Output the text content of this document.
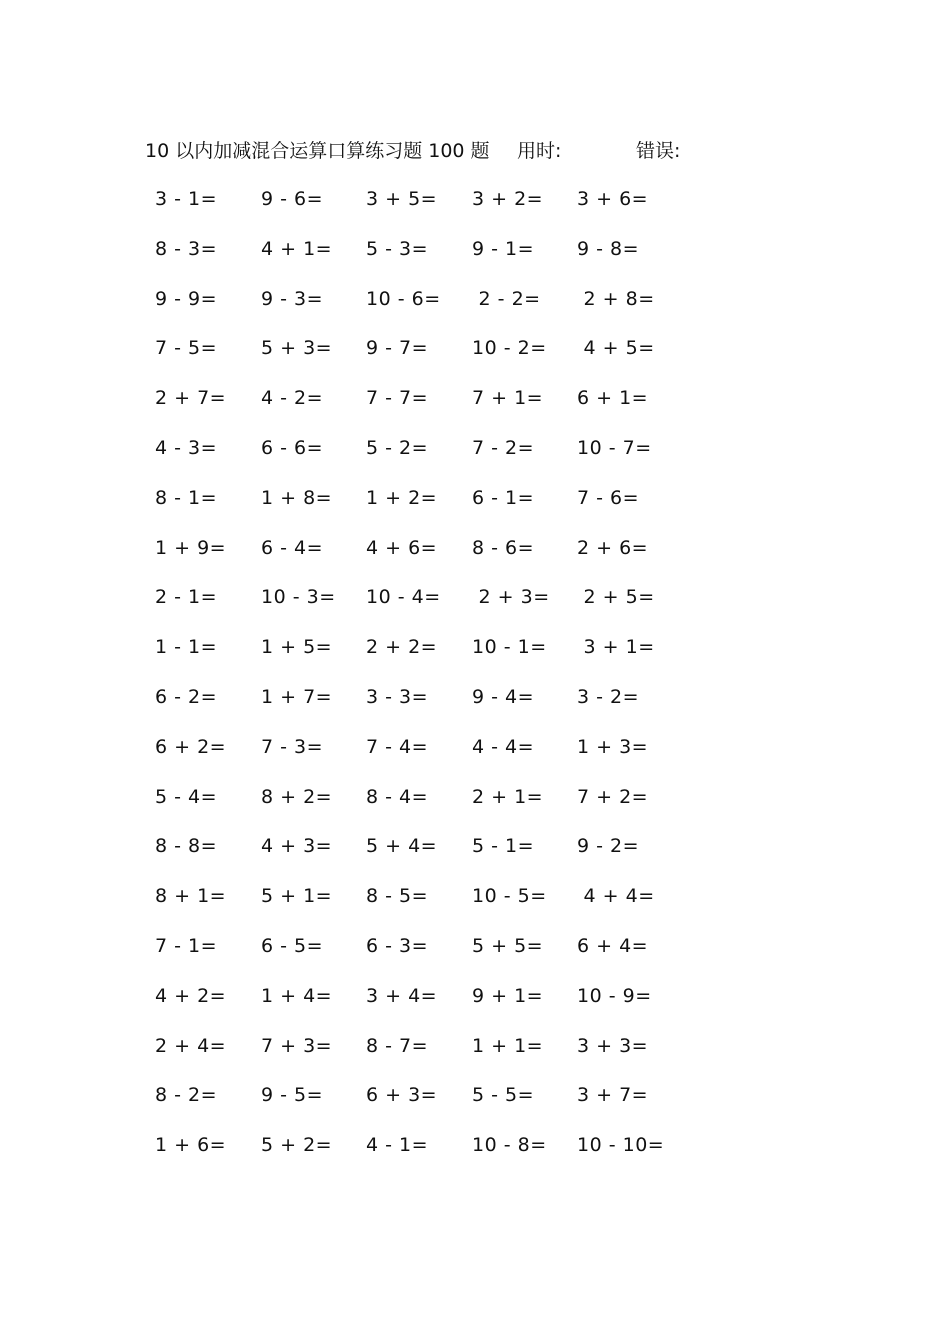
10 以内加减混合运算口算练习题 100 题 用时:	错误:
3 - 1= 9 - 6= 3 + 5= 3 + 2= 3 + 6=
8 - 3= 4 + 1= 5 - 3= 9 - 1= 9 - 8=
9 - 9= 9 - 3= 10 - 6= 2 - 2= 2 + 8=
7 - 5= 5 + 3= 9 - 7= 10 - 2= 4 + 5=
2 + 7= 4 - 2= 7 - 7= 7 + 1= 6 + 1=
4 - 3= 6 - 6= 5 - 2= 7 - 2= 10 - 7=
8 - 1= 1 + 8= 1 + 2= 6 - 1= 7 - 6=
1 + 9= 6 - 4= 4 + 6= 8 - 6= 2 + 6=
2 - 1= 10 - 3= 10 - 4= 2 + 3= 2 + 5=
1 - 1= 1 + 5= 2 + 2= 10 - 1= 3 + 1=
6 - 2= 1 + 7= 3 - 3= 9 - 4= 3 - 2=
6 + 2= 7 - 3= 7 - 4= 4 - 4= 1 + 3=
5 - 4= 8 + 2= 8 - 4= 2 + 1= 7 + 2=
8 - 8= 4 + 3= 5 + 4= 5 - 1= 9 - 2=
8 + 1= 5 + 1= 8 - 5= 10 - 5= 4 + 4=
7 - 1= 6 - 5= 6 - 3= 5 + 5= 6 + 4=
4 + 2= 1 + 4= 3 + 4= 9 + 1= 10 - 9=
2 + 4= 7 + 3= 8 - 7= 1 + 1= 3 + 3=
8 - 2= 9 - 5= 6 + 3= 5 - 5= 3 + 7=
1 + 6= 5 + 2= 4 - 1= 10 - 8= 10 - 10=
